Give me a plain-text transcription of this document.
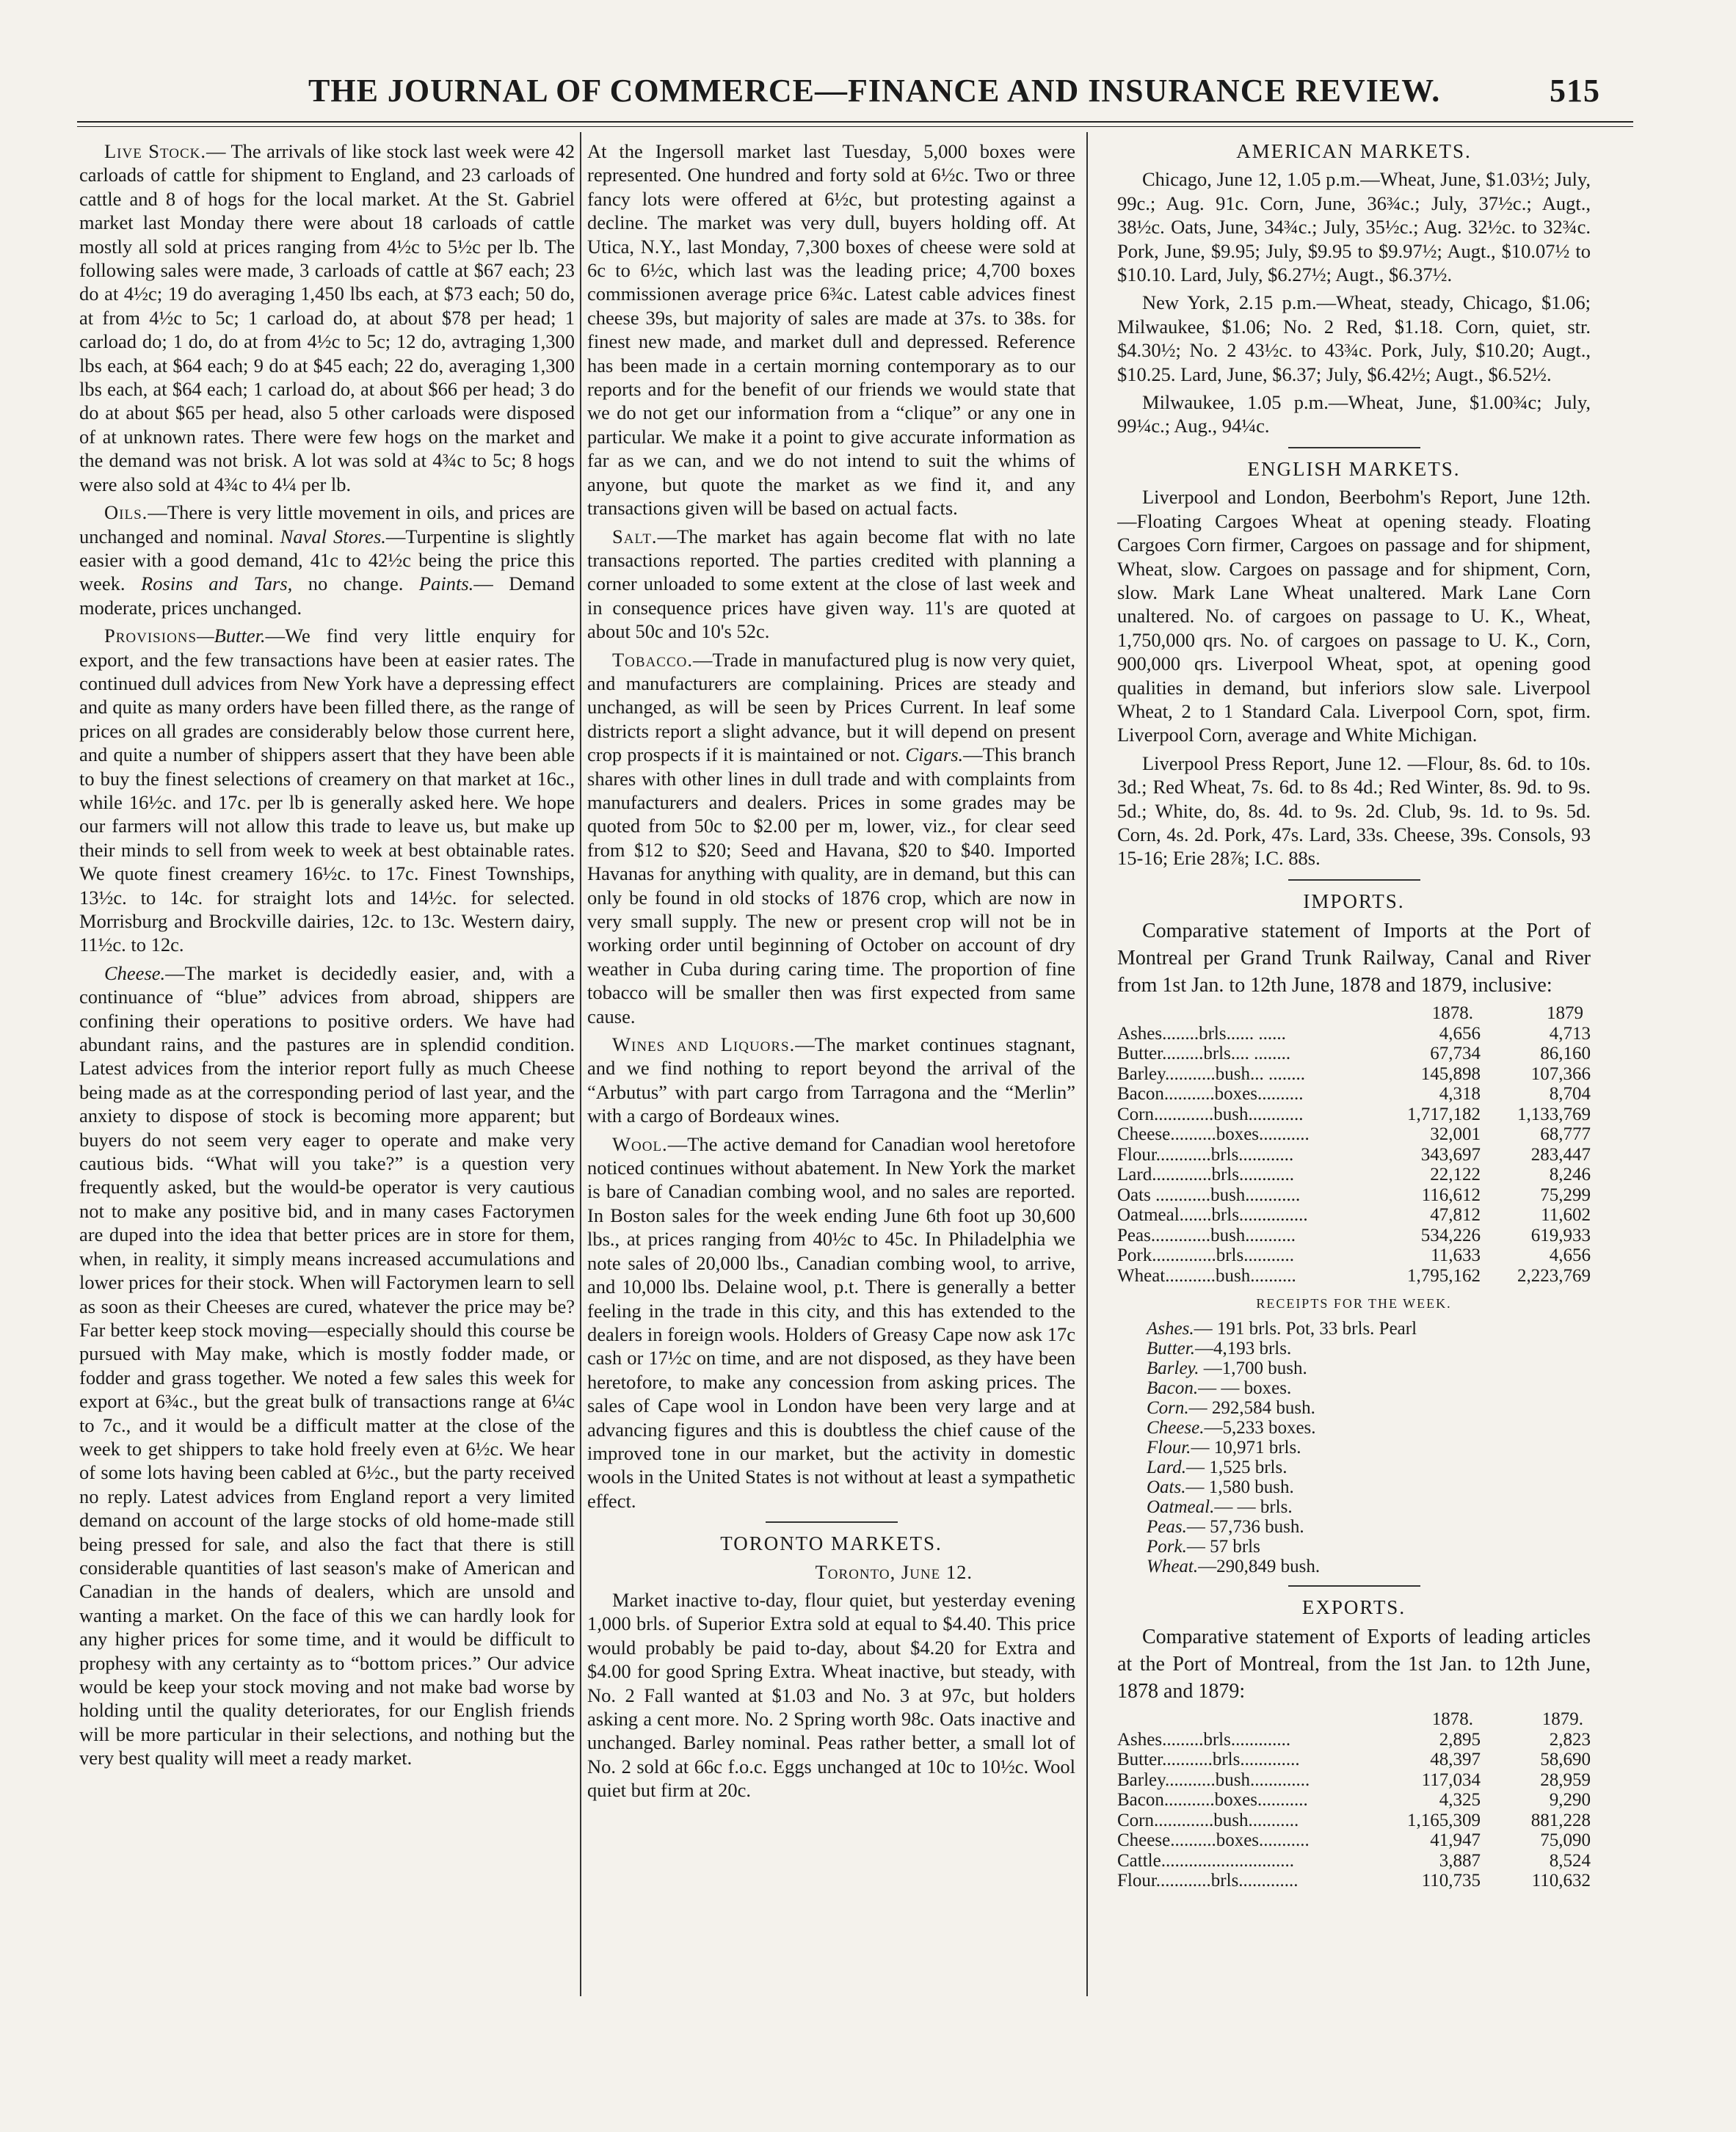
THE JOURNAL OF COMMERCE—FINANCE AND INSURANCE REVIEW.	515

Live Stock.— The arrivals of like stock last week were 42 carloads of cattle for shipment to England, and 23 carloads of cattle and 8 of hogs for the local market. At the St. Gabriel market last Monday there were about 18 carloads of cattle mostly all sold at prices ranging from 4½c to 5½c per lb. The following sales were made, 3 carloads of cattle at $67 each; 23 do at 4½c; 19 do averaging 1,450 lbs each, at $73 each; 50 do, at from 4½c to 5c; 1 carload do, at about $78 per head; 1 carload do; 1 do, do at from 4½c to 5c; 12 do, avtraging 1,300 lbs each, at $64 each; 9 do at $45 each; 22 do, averaging 1,300 lbs each, at $64 each; 1 carload do, at about $66 per head; 3 do do at about $65 per head, also 5 other carloads were disposed of at unknown rates. There were few hogs on the market and the demand was not brisk. A lot was sold at 4¾c to 5c; 8 hogs were also sold at 4¾c to 4¼ per lb.

Oils.—There is very little movement in oils, and prices are unchanged and nominal. Naval Stores.—Turpentine is slightly easier with a good demand, 41c to 42½c being the price this week. Rosins and Tars, no change. Paints.— Demand moderate, prices unchanged.

Provisions—Butter.—We find very little enquiry for export, and the few transactions have been at easier rates. The continued dull advices from New York have a depressing effect and quite as many orders have been filled there, as the range of prices on all grades are considerably below those current here, and quite a number of shippers assert that they have been able to buy the finest selections of creamery on that market at 16c., while 16½c. and 17c. per lb is generally asked here. We hope our farmers will not allow this trade to leave us, but make up their minds to sell from week to week at best obtainable rates. We quote finest creamery 16½c. to 17c. Finest Townships, 13½c. to 14c. for straight lots and 14½c. for selected. Morrisburg and Brockville dairies, 12c. to 13c. Western dairy, 11½c. to 12c.

Cheese.—The market is decidedly easier, and, with a continuance of “blue” advices from abroad, shippers are confining their operations to positive orders. We have had abundant rains, and the pastures are in splendid condition. Latest advices from the interior report fully as much Cheese being made as at the corresponding period of last year, and the anxiety to dispose of stock is becoming more apparent; but buyers do not seem very eager to operate and make very cautious bids. “What will you take?” is a question very frequently asked, but the would-be operator is very cautious not to make any positive bid, and in many cases Factorymen are duped into the idea that better prices are in store for them, when, in reality, it simply means increased accumulations and lower prices for their stock. When will Factorymen learn to sell as soon as their Cheeses are cured, whatever the price may be? Far better keep stock moving—especially should this course be pursued with May make, which is mostly fodder made, or fodder and grass together. We noted a few sales this week for export at 6¾c., but the great bulk of transactions range at 6¼c to 7c., and it would be a difficult matter at the close of the week to get shippers to take hold freely even at 6½c. We hear of some lots having been cabled at 6½c., but the party received no reply. Latest advices from England report a very limited demand on account of the large stocks of old home-made still being pressed for sale, and also the fact that there is still considerable quantities of last season's make of American and Canadian in the hands of dealers, which are unsold and wanting a market. On the face of this we can hardly look for any higher prices for some time, and it would be difficult to prophesy with any certainty as to “bottom prices.” Our advice would be keep your stock moving and not make bad worse by holding until the quality deteriorates, for our English friends will be more particular in their selections, and nothing but the very best quality will meet a ready market.

At the Ingersoll market last Tuesday, 5,000 boxes were represented. One hundred and forty sold at 6½c. Two or three fancy lots were offered at 6½c, but protesting against a decline. The market was very dull, buyers holding off. At Utica, N.Y., last Monday, 7,300 boxes of cheese were sold at 6c to 6½c, which last was the leading price; 4,700 boxes commissionen average price 6¾c. Latest cable advices finest cheese 39s, but majority of sales are made at 37s. to 38s. for finest new made, and market dull and depressed. Reference has been made in a certain morning contemporary as to our reports and for the benefit of our friends we would state that we do not get our information from a “clique” or any one in particular. We make it a point to give accurate information as far as we can, and we do not intend to suit the whims of anyone, but quote the market as we find it, and any transactions given will be based on actual facts.

Salt.—The market has again become flat with no late transactions reported. The parties credited with planning a corner unloaded to some extent at the close of last week and in consequence prices have given way. 11's are quoted at about 50c and 10's 52c.

Tobacco.—Trade in manufactured plug is now very quiet, and manufacturers are complaining. Prices are steady and unchanged, as will be seen by Prices Current. In leaf some districts report a slight advance, but it will depend on present crop prospects if it is maintained or not. Cigars.—This branch shares with other lines in dull trade and with complaints from manufacturers and dealers. Prices in some grades may be quoted from 50c to $2.00 per m, lower, viz., for clear seed from $12 to $20; Seed and Havana, $20 to $40. Imported Havanas for anything with quality, are in demand, but this can only be found in old stocks of 1876 crop, which are now in very small supply. The new or present crop will not be in working order until beginning of October on account of dry weather in Cuba during caring time. The proportion of fine tobacco will be smaller then was first expected from same cause.

Wines and Liquors.—The market continues stagnant, and we find nothing to report beyond the arrival of the “Arbutus” with part cargo from Tarragona and the “Merlin” with a cargo of Bordeaux wines.

Wool.—The active demand for Canadian wool heretofore noticed continues without abatement. In New York the market is bare of Canadian combing wool, and no sales are reported. In Boston sales for the week ending June 6th foot up 30,600 lbs., at prices ranging from 40½c to 45c. In Philadelphia we note sales of 20,000 lbs., Canadian combing wool, to arrive, and 10,000 lbs. Delaine wool, p.t. There is generally a better feeling in the trade in this city, and this has extended to the dealers in foreign wools. Holders of Greasy Cape now ask 17c cash or 17½c on time, and are not disposed, as they have been heretofore, to make any concession from asking prices. The sales of Cape wool in London have been very large and at advancing figures and this is doubtless the chief cause of the improved tone in our market, but the activity in domestic wools in the United States is not without at least a sympathetic effect.

TORONTO MARKETS.

Toronto, June 12.

Market inactive to-day, flour quiet, but yesterday evening 1,000 brls. of Superior Extra sold at equal to $4.40. This price would probably be paid to-day, about $4.20 for Extra and $4.00 for good Spring Extra. Wheat inactive, but steady, with No. 2 Fall wanted at $1.03 and No. 3 at 97c, but holders asking a cent more. No. 2 Spring worth 98c. Oats inactive and unchanged. Barley nominal. Peas rather better, a small lot of No. 2 sold at 66c f.o.c. Eggs unchanged at 10c to 10½c. Wool quiet but firm at 20c.

AMERICAN MARKETS.

Chicago, June 12, 1.05 p.m.—Wheat, June, $1.03½; July, 99c.; Aug. 91c. Corn, June, 36¾c.; July, 37½c.; Augt., 38½c. Oats, June, 34¾c.; July, 35½c.; Aug. 32½c. to 32¾c. Pork, June, $9.95; July, $9.95 to $9.97½; Augt., $10.07½ to $10.10. Lard, July, $6.27½; Augt., $6.37½.

New York, 2.15 p.m.—Wheat, steady, Chicago, $1.06; Milwaukee, $1.06; No. 2 Red, $1.18. Corn, quiet, str. $4.30½; No. 2 43½c. to 43¾c. Pork, July, $10.20; Augt., $10.25. Lard, June, $6.37; July, $6.42½; Augt., $6.52½.

Milwaukee, 1.05 p.m.—Wheat, June, $1.00¾c; July, 99¼c.; Aug., 94¼c.

ENGLISH MARKETS.

Liverpool and London, Beerbohm's Report, June 12th. —Floating Cargoes Wheat at opening steady. Floating Cargoes Corn firmer, Cargoes on passage and for shipment, Wheat, slow. Cargoes on passage and for shipment, Corn, slow. Mark Lane Wheat unaltered. Mark Lane Corn unaltered. No. of cargoes on passage to U. K., Wheat, 1,750,000 qrs. No. of cargoes on passage to U. K., Corn, 900,000 qrs. Liverpool Wheat, spot, at opening good qualities in demand, but inferiors slow sale. Liverpool Wheat, 2 to 1 Standard Cala. Liverpool Corn, spot, firm. Liverpool Corn, average and White Michigan.

Liverpool Press Report, June 12. —Flour, 8s. 6d. to 10s. 3d.; Red Wheat, 7s. 6d. to 8s 4d.; Red Winter, 8s. 9d. to 9s. 5d.; White, do, 8s. 4d. to 9s. 2d. Club, 9s. 1d. to 9s. 5d. Corn, 4s. 2d. Pork, 47s. Lard, 33s. Cheese, 39s. Consols, 93 15-16; Erie 28⅞; I.C. 88s.

IMPORTS.

Comparative statement of Imports at the Port of Montreal per Grand Trunk Railway, Canal and River from 1st Jan. to 12th June, 1878 and 1879, inclusive:

	1878.	1879
Ashes........brls...... ......	4,656	4,713
Butter.........brls.... ........	67,734	86,160
Barley...........bush... ........	145,898	107,366
Bacon...........boxes..........	4,318	8,704
Corn.............bush............	1,717,182	1,133,769
Cheese..........boxes...........	32,001	68,777
Flour............brls............	343,697	283,447
Lard.............brls............	22,122	8,246
Oats ............bush............	116,612	75,299
Oatmeal.......brls...............	47,812	11,602
Peas.............bush...........	534,226	619,933
Pork..............brls...........	11,633	4,656
Wheat...........bush..........	1,795,162	2,223,769
RECEIPTS FOR THE WEEK.
Ashes.— 191 brls. Pot, 33 brls. Pearl
Butter.—4,193 brls.
Barley. —1,700 bush.
Bacon.— — boxes.
Corn.— 292,584 bush.
Cheese.—5,233 boxes.
Flour.— 10,971 brls.
Lard.— 1,525 brls.
Oats.— 1,580 bush.
Oatmeal.— — brls.
Peas.— 57,736 bush.
Pork.— 57 brls
Wheat.—290,849 bush.

EXPORTS.

Comparative statement of Exports of leading articles at the Port of Montreal, from the 1st Jan. to 12th June, 1878 and 1879:

	1878.	1879.
Ashes.........brls.............	2,895	2,823
Butter...........brls.............	48,397	58,690
Barley...........bush.............	117,034	28,959
Bacon...........boxes...........	4,325	9,290
Corn.............bush...........	1,165,309	881,228
Cheese..........boxes...........	41,947	75,090
Cattle.............................	3,887	8,524
Flour............brls.............	110,735	110,632
